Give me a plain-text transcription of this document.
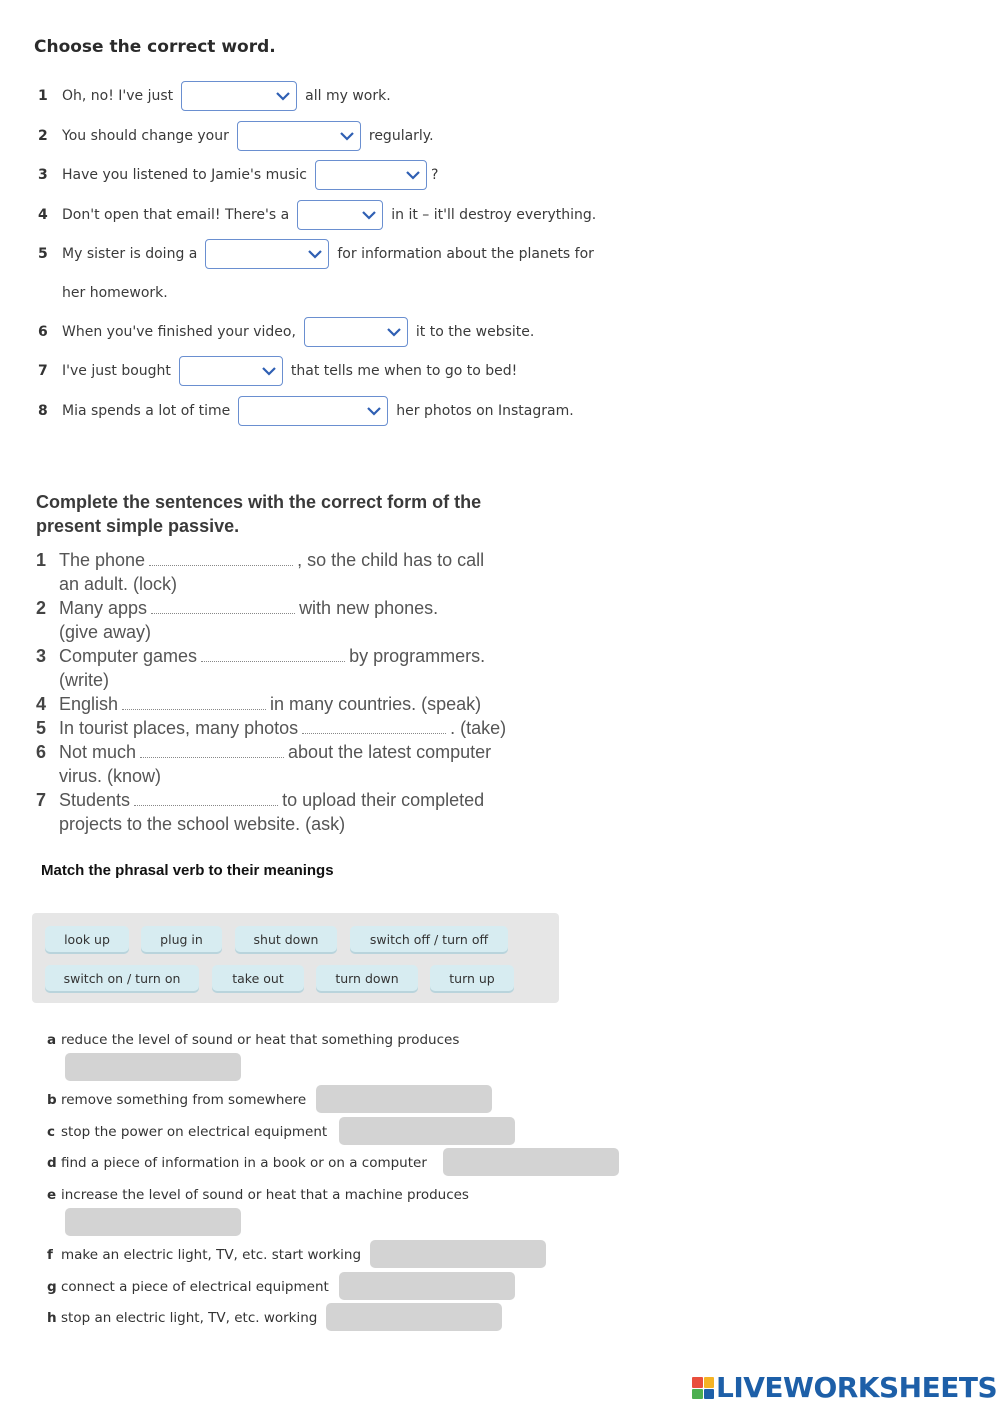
Choose the correct word.
1	Oh, no! I've just	all my work.
2	You should change your	regularly.
3	Have you listened to Jamie's music	?
4	Don't open that email! There's a	in it – it'll destroy everything.
5	My sister is doing a	for information about the planets for
her homework.
6	When you've finished your video,	it to the website.
7	I've just bought	that tells me when to go to bed!
8	Mia spends a lot of time	her photos on Instagram.
Complete the sentences with the correct form of the present simple passive.
1 The phone	, so the child has to call
an adult. (lock)
2 Many apps	with new phones.
(give away)
3 Computer games	by programmers.
(write)
4 English	in many countries. (speak)
5 In tourist places, many photos	. (take)
6 Not much	about the latest computer
virus. (know)
7 Students	to upload their completed
projects to the school website. (ask)
Match the phrasal verb to their meanings
look up	plug in	shut down	switch off / turn off
switch on / turn on	take out	turn down	turn up
a reduce the level of sound or heat that something produces
b remove something from somewhere
c stop the power on electrical equipment
d find a piece of information in a book or on a computer
e increase the level of sound or heat that a machine produces
f make an electric light, TV, etc. start working
g connect a piece of electrical equipment
h stop an electric light, TV, etc. working
LIVEWORKSHEETS
